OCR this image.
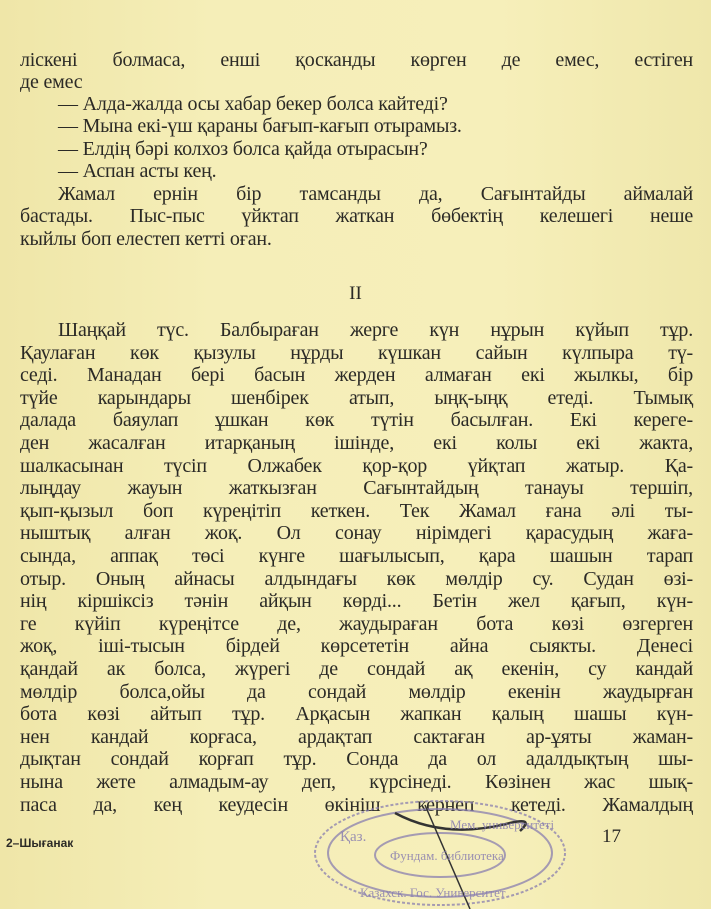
лiскенi болмаса, еншi қосканды көрген де емес, естiген
де емес
— Алда-жалда осы хабар бекер болса кайтедi?
— Мына екi-үш қараны бағып-кағып отырамыз.
— Елдiң бәрi колхоз болса қайда отырасын?
— Аспан асты кең.
Жамал ернiн бiр тамсанды да, Сағынтайды аймалай
бастады. Пыс-пыс үйктап жаткан бөбектiң келешегi неше
кыйлы боп елестеп кеттi оған.
II
Шаңқай түс. Балбыраған жерге күн нұрын күйып тұр.
Қаулаған көк қызулы нұрды күшкан сайын күлпыра тү-
седi. Манадан берi басын жерден алмаған екi жылкы, бiр
түйе карындары шенбiрек атып, ыңқ-ыңқ етедi. Тымық
далада баяулап ұшкан көк түтiн басылған. Екi керегe-
ден жасалған итарқаның iшiнде, екi колы екi жакта,
шалкасынан түсiп Олжабек қор-қор үйқтап жатыр. Қа-
лыңдау жауын жаткызған Сағынтайдың танауы тершiп,
қып-қызыл боп күреңiтiп кеткен. Тек Жамал ғана әлi ты-
ныштық алған жоқ. Ол сонау нiрiмдегi қарасудың жаға-
сында, аппақ төсi күнге шағылысып, қара шашын тарап
отыр. Оның айнасы алдындағы көк мөлдiр су. Судан өзi-
нiң кiршiксiз тәнiн айқын көрдi... Бетiн жел қағып, күн-
ге күйiп күреңiтсе де, жаудыраған бота көзi өзгерген
жоқ, iшi-тысын бiрдей көрсететiн айна сыякты. Денесi
қандай ак болса, жүрегi де сондай ақ екенiн, су кандай
мөлдiр болса,ойы да сондай мөлдiр екенiн жаудырған
бота көзi айтып тұр. Арқасын жапкан қалың шашы күн-
нен кандай корғаса, ардақтап сактаған ар-ұяты жаман-
дықтан сондай корғап тұр. Сонда да ол адалдықтың шы-
нына жете алмадым-ау деп, күрсiнедi. Көзiнен жас шық-
паса да, кең кеудесiн өкiнiш кернеп кетедi. Жамалдың
Мем. университетi
Қаз.
Фундам. библиотека
Казахск. Гос. Университет
2–Шығанак	17
